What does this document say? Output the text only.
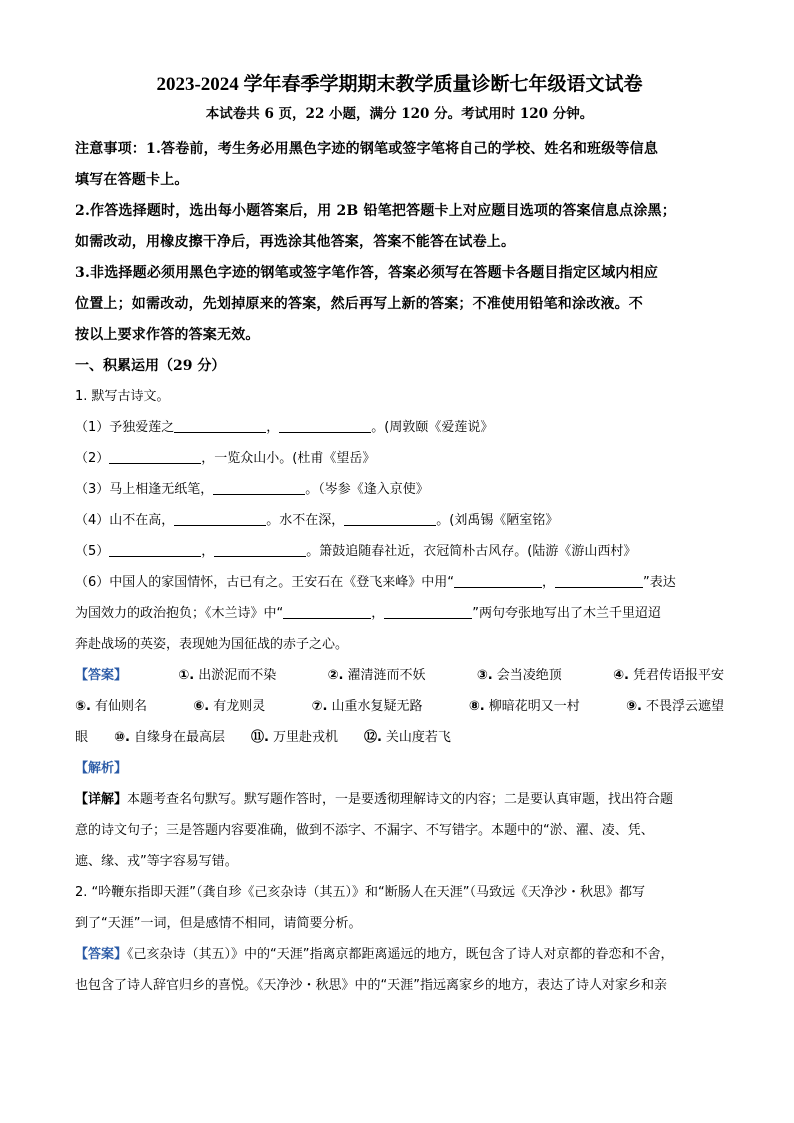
2023-2024 学年春季学期期末教学质量诊断七年级语文试卷

本试卷共 6 页，22 小题，满分 120 分。考试用时 120 分钟。

注意事项：1.答卷前，考生务必用黑色字迹的钢笔或签字笔将自己的学校、姓名和班级等信息

填写在答题卡上。

2.作答选择题时，选出每小题答案后，用 2B 铅笔把答题卡上对应题目选项的答案信息点涂黑；

如需改动，用橡皮擦干净后，再选涂其他答案，答案不能答在试卷上。

3.非选择题必须用黑色字迹的钢笔或签字笔作答，答案必须写在答题卡各题目指定区域内相应

位置上；如需改动，先划掉原来的答案，然后再写上新的答案；不准使用铅笔和涂改液。不

按以上要求作答的答案无效。

一、积累运用（29 分）

1. 默写古诗文。

（1）予独爱莲之	，	。(周敦颐《爱莲说》

（2）	，一览众山小。(杜甫《望岳》

（3）马上相逢无纸笔，	。（岑参《逢入京使》

（4）山不在高，	。水不在深，	。(刘禹锡《陋室铭》

（5）	，	。箫鼓追随春社近，衣冠简朴古风存。(陆游《游山西村》

（6）中国人的家国情怀，古已有之。王安石在《登飞来峰》中用“	，	”表达

为国效力的政治抱负；《木兰诗》中“	，	”两句夸张地写出了木兰千里迢迢

奔赴战场的英姿，表现她为国征战的赤子之心。

【答案】	①. 出淤泥而不染	②. 濯清涟而不妖	③. 会当凌绝顶	④. 凭君传语报平安
⑤. 有仙则名	⑥. 有龙则灵	⑦. 山重水复疑无路	⑧. 柳暗花明又一村	⑨. 不畏浮云遮望
眼 ⑩. 自缘身在最高层 ⑪. 万里赴戎机 ⑫. 关山度若飞

【解析】

【详解】本题考查名句默写。默写题作答时，一是要透彻理解诗文的内容；二是要认真审题，找出符合题

意的诗文句子；三是答题内容要准确，做到不添字、不漏字、不写错字。本题中的“淤、濯、凌、凭、

遮、缘、戎”等字容易写错。

2. “吟鞭东指即天涯”（龚自珍《己亥杂诗（其五）》和“断肠人在天涯”（马致远《天净沙・秋思》都写

到了“天涯”一词，但是感情不相同，请简要分析。

【答案】《己亥杂诗（其五）》中的“天涯”指离京都距离遥远的地方，既包含了诗人对京都的眷恋和不舍，

也包含了诗人辞官归乡的喜悦。《天净沙・秋思》中的“天涯”指远离家乡的地方，表达了诗人对家乡和亲
